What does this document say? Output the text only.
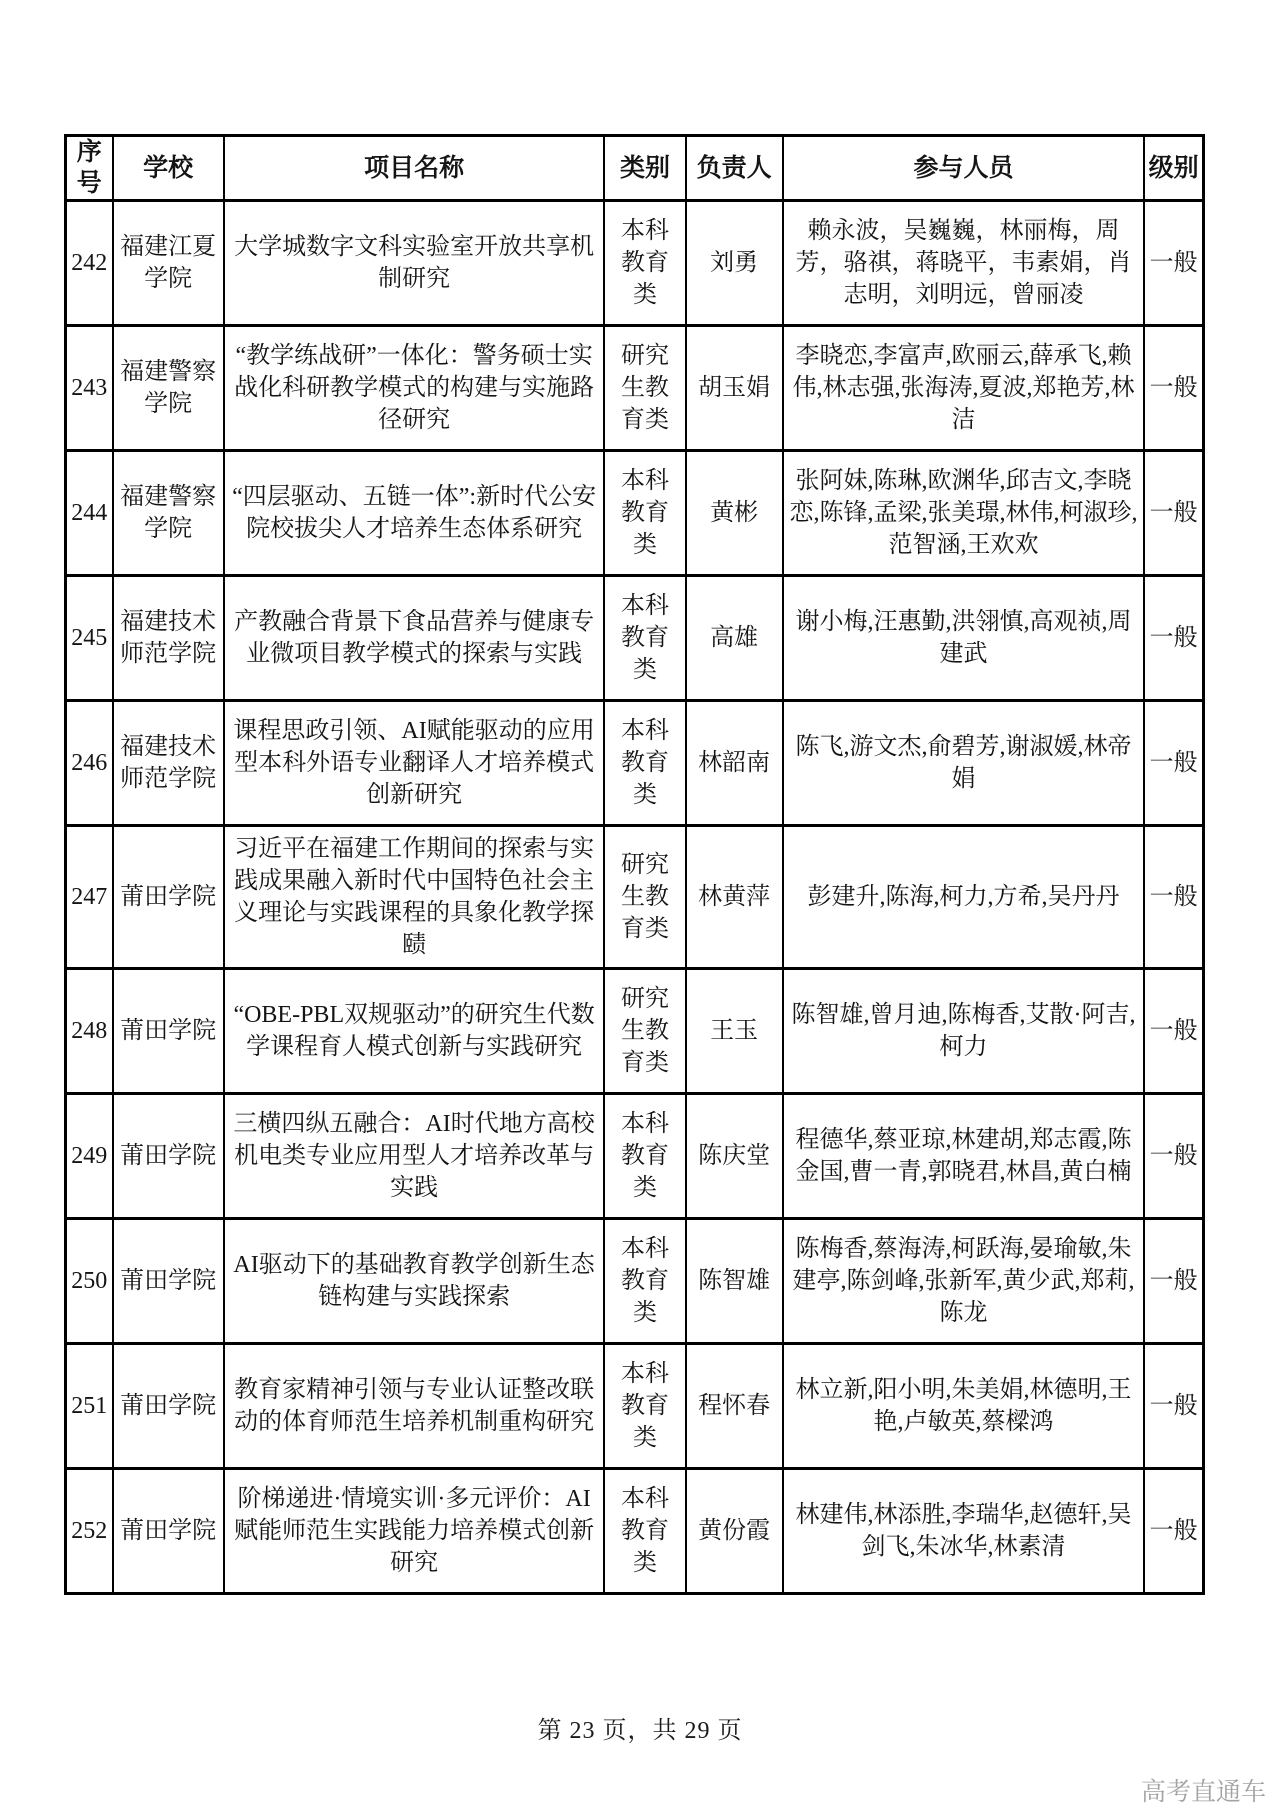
序号	学校	项目名称	类别	负责人	参与人员	级别
242	福建江夏学院	大学城数字文科实验室开放共享机制研究	本科教育类	刘勇	赖永波，吴巍巍，林丽梅，周芳，骆祺，蒋晓平，韦素娟，肖志明，刘明远，曾丽凌	一般
243	福建警察学院	“教学练战研”一体化：警务硕士实战化科研教学模式的构建与实施路径研究	研究生教育类	胡玉娟	李晓恋,李富声,欧丽云,薛承飞,赖伟,林志强,张海涛,夏波,郑艳芳,林洁	一般
244	福建警察学院	“四层驱动、五链一体”:新时代公安院校拔尖人才培养生态体系研究	本科教育类	黄彬	张阿妹,陈琳,欧渊华,邱吉文,李晓恋,陈锋,孟梁,张美璟,林伟,柯淑珍,范智涵,王欢欢	一般
245	福建技术师范学院	产教融合背景下食品营养与健康专业微项目教学模式的探索与实践	本科教育类	高雄	谢小梅,汪惠勤,洪翎慎,高观祯,周建武	一般
246	福建技术师范学院	课程思政引领、AI赋能驱动的应用型本科外语专业翻译人才培养模式创新研究	本科教育类	林韶南	陈飞,游文杰,俞碧芳,谢淑媛,林帝娟	一般
247	莆田学院	习近平在福建工作期间的探索与实践成果融入新时代中国特色社会主义理论与实践课程的具象化教学探赜	研究生教育类	林黄萍	彭建升,陈海,柯力,方希,吴丹丹	一般
248	莆田学院	“OBE-PBL双规驱动”的研究生代数学课程育人模式创新与实践研究	研究生教育类	王玉	陈智雄,曾月迪,陈梅香,艾散·阿吉,柯力	一般
249	莆田学院	三横四纵五融合：AI时代地方高校机电类专业应用型人才培养改革与实践	本科教育类	陈庆堂	程德华,蔡亚琼,林建胡,郑志霞,陈金国,曹一青,郭晓君,林昌,黄白楠	一般
250	莆田学院	AI驱动下的基础教育教学创新生态链构建与实践探索	本科教育类	陈智雄	陈梅香,蔡海涛,柯跃海,晏瑜敏,朱建亭,陈剑峰,张新军,黄少武,郑莉,陈龙	一般
251	莆田学院	教育家精神引领与专业认证整改联动的体育师范生培养机制重构研究	本科教育类	程怀春	林立新,阳小明,朱美娟,林德明,王艳,卢敏英,蔡樑鸿	一般
252	莆田学院	阶梯递进·情境实训·多元评价：AI赋能师范生实践能力培养模式创新研究	本科教育类	黄份霞	林建伟,林添胜,李瑞华,赵德轩,吴剑飞,朱冰华,林素清	一般
第 23 页，共 29 页
高考直通车
